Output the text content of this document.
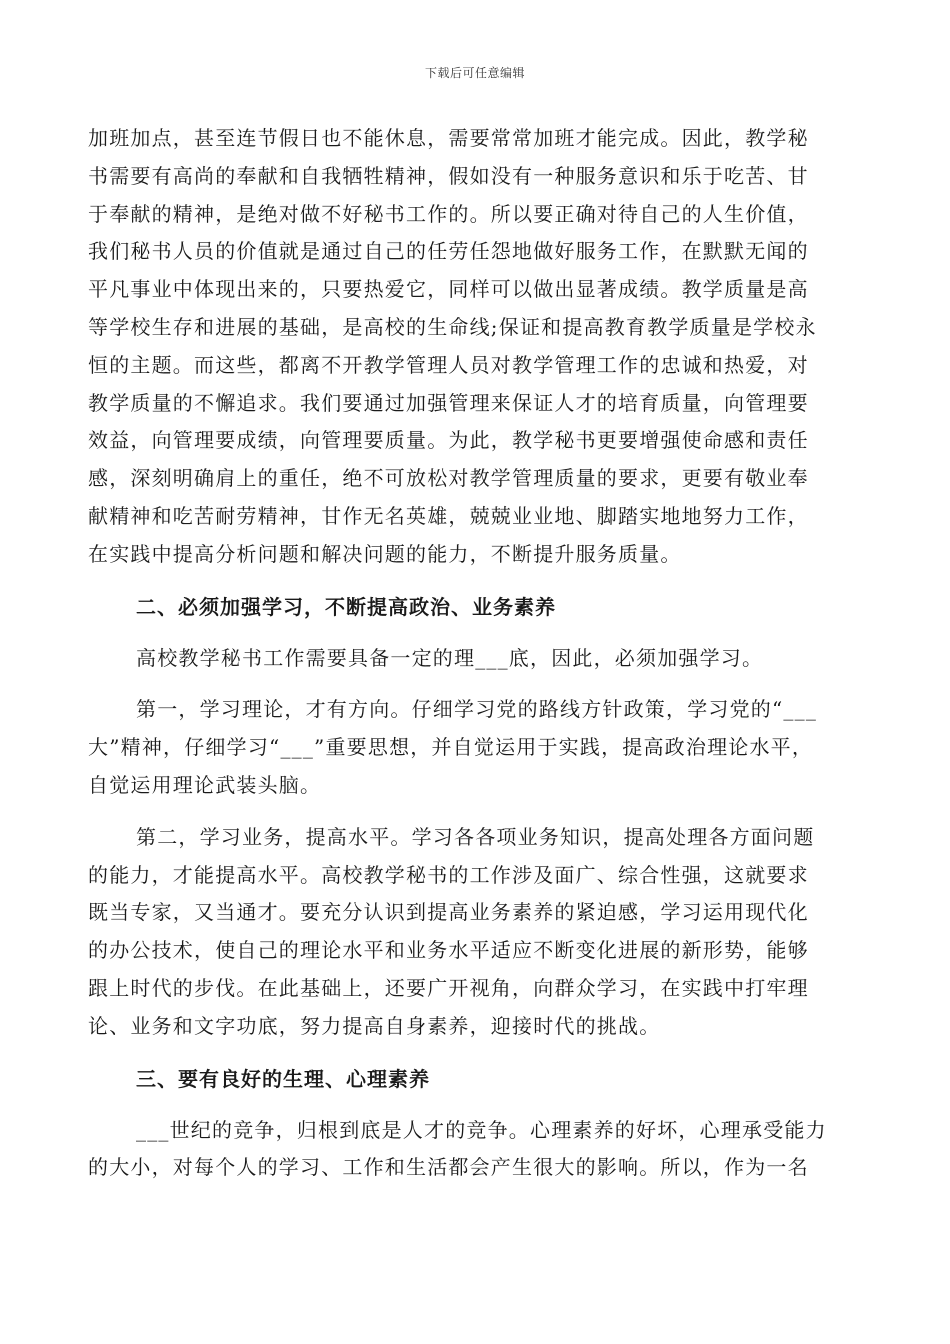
下载后可任意编辑
加班加点，甚至连节假日也不能休息，需要常常加班才能完成。因此，教学秘
书需要有高尚的奉献和自我牺牲精神，假如没有一种服务意识和乐于吃苦、甘
于奉献的精神，是绝对做不好秘书工作的。所以要正确对待自己的人生价值，
我们秘书人员的价值就是通过自己的任劳任怨地做好服务工作，在默默无闻的
平凡事业中体现出来的，只要热爱它，同样可以做出显著成绩。教学质量是高
等学校生存和进展的基础，是高校的生命线;保证和提高教育教学质量是学校永
恒的主题。而这些，都离不开教学管理人员对教学管理工作的忠诚和热爱，对
教学质量的不懈追求。我们要通过加强管理来保证人才的培育质量，向管理要
效益，向管理要成绩，向管理要质量。为此，教学秘书更要增强使命感和责任
感，深刻明确肩上的重任，绝不可放松对教学管理质量的要求，更要有敬业奉
献精神和吃苦耐劳精神，甘作无名英雄，兢兢业业地、脚踏实地地努力工作，
在实践中提高分析问题和解决问题的能力，不断提升服务质量。
二、必须加强学习，不断提高政治、业务素养
高校教学秘书工作需要具备一定的理___底，因此，必须加强学习。
第一，学习理论，才有方向。仔细学习党的路线方针政策，学习党的“___
大”精神，仔细学习“___”重要思想，并自觉运用于实践，提高政治理论水平，
自觉运用理论武装头脑。
第二，学习业务，提高水平。学习各各项业务知识，提高处理各方面问题
的能力，才能提高水平。高校教学秘书的工作涉及面广、综合性强，这就要求
既当专家，又当通才。要充分认识到提高业务素养的紧迫感，学习运用现代化
的办公技术，使自己的理论水平和业务水平适应不断变化进展的新形势，能够
跟上时代的步伐。在此基础上，还要广开视角，向群众学习，在实践中打牢理
论、业务和文字功底，努力提高自身素养，迎接时代的挑战。
三、要有良好的生理、心理素养
___世纪的竞争，归根到底是人才的竞争。心理素养的好坏，心理承受能力
的大小，对每个人的学习、工作和生活都会产生很大的影响。所以，作为一名
